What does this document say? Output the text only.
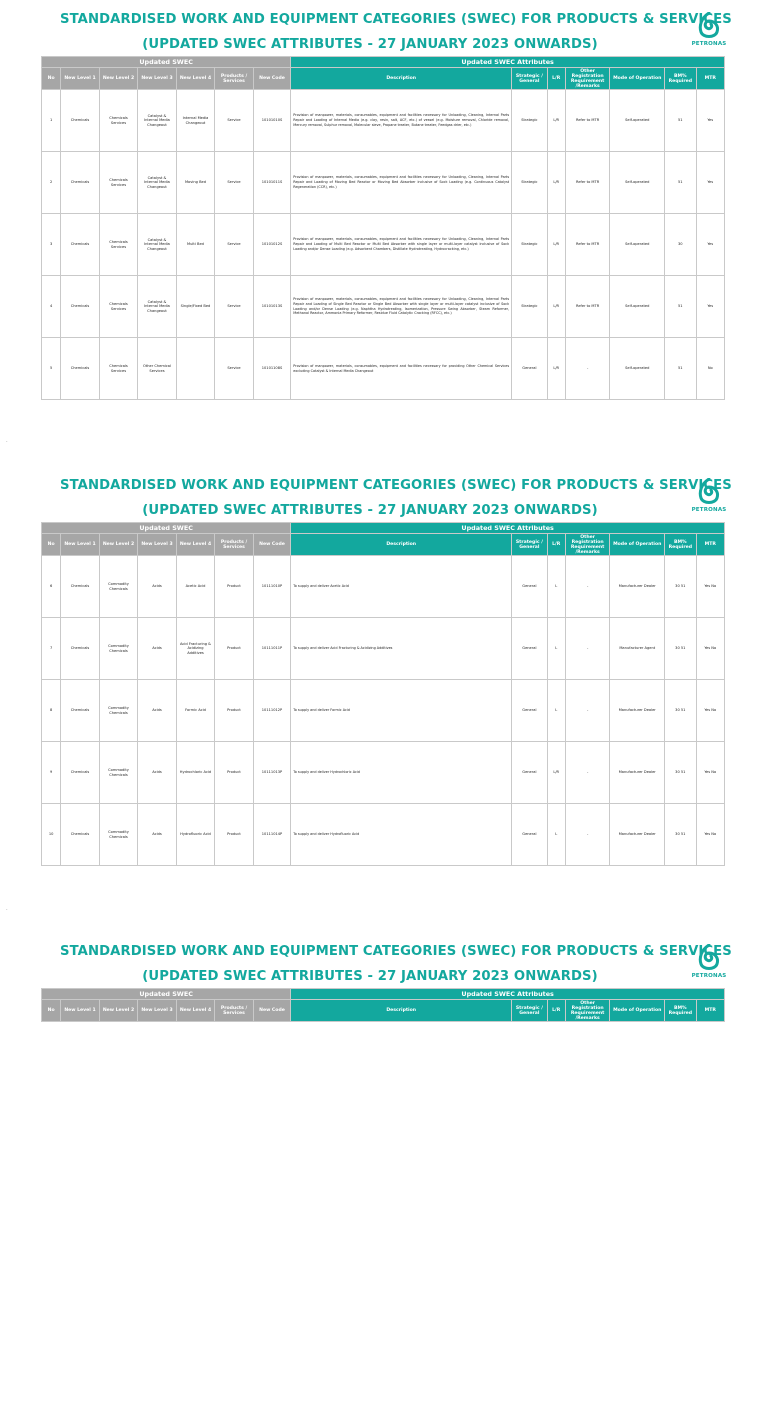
STANDARDISED WORK AND EQUIPMENT CATEGORIES (SWEC) FOR PRODUCTS & SERVICES
(UPDATED SWEC ATTRIBUTES - 27 JANUARY 2023 ONWARDS)	PETRONAS
Updated SWEC							Updated SWEC Attributes						
No	New Level 1	New Level 2	New Level 3	New Level 4	Products / Services	New Code	Description	Strategic / General	L/R	Other Registration Requirement /Remarks	Mode of Operation	BM% Required	MTR
1	Chemicals	Chemicals Services	Catalyst & Internal Media Changeout	Internal Media Changeout	Service	10101010S	Provision of manpower, materials, consumables, equipment and facilities necessary for Unloading, Cleaning, Internal Parts Repair and Loading of Internal Media (e.g. clay, resin, salt, ACF, etc.) of vessel (e.g. Moisture removal, Chloride removal, Mercury removal, Sulphur removal, Molecular sieve, Propane treater, Butane treater, Feedgas drier, etc.)	Strategic	L/R	Refer to MTR	Self-operated	51	Yes
2	Chemicals	Chemicals Services	Catalyst & Internal Media Changeout	Moving Bed	Service	10101011S	Provision of manpower, materials, consumables, equipment and facilities necessary for Unloading, Cleaning, Internal Parts Repair and Loading of Moving Bed Reactor or Moving Bed Absorber inclusive of Sock Loading (e.g. Continuous Catalyst Regeneration (CCR), etc.)	Strategic	L/R	Refer to MTR	Self-operated	51	Yes
3	Chemicals	Chemicals Services	Catalyst & Internal Media Changeout	Multi Bed	Service	10101012S	Provision of manpower, materials, consumables, equipment and facilities necessary for Unloading, Cleaning, Internal Parts Repair and Loading of Multi Bed Reactor or Multi Bed Absorber with single layer or multi-layer catalyst inclusive of Sock Loading and/or Dense Loading (e.g. Adsorbent Chambers, Distillate Hydrotreating, Hydrocracking, etc.)	Strategic	L/R	Refer to MTR	Self-operated	30	Yes
4	Chemicals	Chemicals Services	Catalyst & Internal Media Changeout	Single/Fixed Bed	Service	10101013S	Provision of manpower, materials, consumables, equipment and facilities necessary for Unloading, Cleaning, Internal Parts Repair and Loading of Single Bed Reactor or Single Bed Absorber with single layer or multi-layer catalyst inclusive of Sock Loading and/or Dense Loading (e.g. Naphtha Hydrotreating, Isomerization, Pressure Swing Absorber, Steam Reformer, Methanol Reactor, Ammonia Primary Reformer, Residue Fluid Catalytic Cracking (RFCC), etc.)	Strategic	L/R	Refer to MTR	Self-operated	51	Yes
5	Chemicals	Chemicals Services	Other Chemical Services		Service	10101108S	Provision of manpower, materials, consumables, equipment and facilities necessary for providing Other Chemical Services excluding Catalyst & Internal Media Changeout	General	L/R	-	Self-operated	51	No
STANDARDISED WORK AND EQUIPMENT CATEGORIES (SWEC) FOR PRODUCTS & SERVICES
(UPDATED SWEC ATTRIBUTES - 27 JANUARY 2023 ONWARDS)	PETRONAS
Updated SWEC							Updated SWEC Attributes						
No	New Level 1	New Level 2	New Level 3	New Level 4	Products / Services	New Code	Description	Strategic / General	L/R	Other Registration Requirement /Remarks	Mode of Operation	BM% Required	MTR
6	Chemicals	Commodity Chemicals	Acids	Acetic Acid	Product	10111010P	To supply and deliver Acetic Acid	General	L	-	Manufacturer Dealer	30 51	Yes No
7	Chemicals	Commodity Chemicals	Acids	Acid Fracturing & Acidizing Additives	Product	10111011P	To supply and deliver Acid Fracturing & Acidizing Additives	General	L	-	Manufacturer Agent	30 51	Yes No
8	Chemicals	Commodity Chemicals	Acids	Formic Acid	Product	10111012P	To supply and deliver Formic Acid	General	L	-	Manufacturer Dealer	30 51	Yes No
9	Chemicals	Commodity Chemicals	Acids	Hydrochloric Acid	Product	10111013P	To supply and deliver Hydrochloric Acid	General	L/R	-	Manufacturer Dealer	30 51	Yes No
10	Chemicals	Commodity Chemicals	Acids	Hydrofluoric Acid	Product	10111014P	To supply and deliver Hydrofluoric Acid	General	L	-	Manufacturer Dealer	30 51	Yes No
STANDARDISED WORK AND EQUIPMENT CATEGORIES (SWEC) FOR PRODUCTS & SERVICES
(UPDATED SWEC ATTRIBUTES - 27 JANUARY 2023 ONWARDS)	PETRONAS
Updated SWEC							Updated SWEC Attributes						
No	New Level 1	New Level 2	New Level 3	New Level 4	Products / Services	New Code	Description	Strategic / General	L/R	Other Registration Requirement /Remarks	Mode of Operation	BM% Required	MTR
.
.
